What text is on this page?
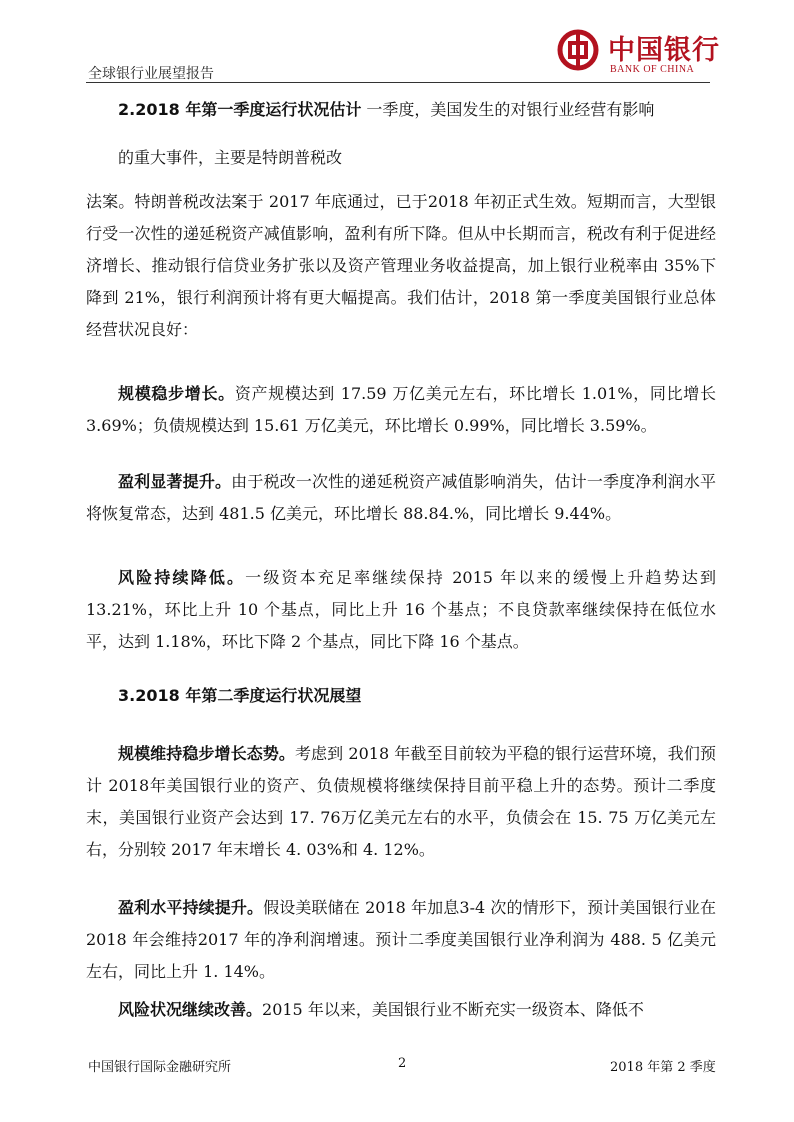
全球银行业展望报告
中国银行
BANK OF CHINA

2.2018 年第一季度运行状况估计 一季度，美国发生的对银行业经营有影响

的重大事件，主要是特朗普税改

法案。特朗普税改法案于 2017 年底通过，已于2018 年初正式生效。短期而言，大型银行受一次性的递延税资产减值影响，盈利有所下降。但从中长期而言，税改有利于促进经济增长、推动银行信贷业务扩张以及资产管理业务收益提高，加上银行业税率由 35%下降到 21%，银行利润预计将有更大幅提高。我们估计，2018 第一季度美国银行业总体经营状况良好：

规模稳步增长。资产规模达到 17.59 万亿美元左右，环比增长 1.01%，同比增长 3.69%；负债规模达到 15.61 万亿美元，环比增长 0.99%，同比增长 3.59%。

盈利显著提升。由于税改一次性的递延税资产减值影响消失，估计一季度净利润水平将恢复常态，达到 481.5 亿美元，环比增长 88.84.%，同比增长 9.44%。

风险持续降低。一级资本充足率继续保持 2015 年以来的缓慢上升趋势达到 13.21%，环比上升 10 个基点，同比上升 16 个基点；不良贷款率继续保持在低位水平，达到 1.18%，环比下降 2 个基点，同比下降 16 个基点。

3.2018 年第二季度运行状况展望

规模维持稳步增长态势。考虑到 2018 年截至目前较为平稳的银行运营环境，我们预计 2018年美国银行业的资产、负债规模将继续保持目前平稳上升的态势。预计二季度末，美国银行业资产会达到 17. 76万亿美元左右的水平，负债会在 15. 75 万亿美元左右，分别较 2017 年末增长 4. 03%和 4. 12%。

盈利水平持续提升。假设美联储在 2018 年加息3-4 次的情形下，预计美国银行业在 2018 年会维持2017 年的净利润增速。预计二季度美国银行业净利润为 488. 5 亿美元左右，同比上升 1. 14%。

风险状况继续改善。2015 年以来，美国银行业不断充实一级资本、降低不

中国银行国际金融研究所	2	2018 年第 2 季度
